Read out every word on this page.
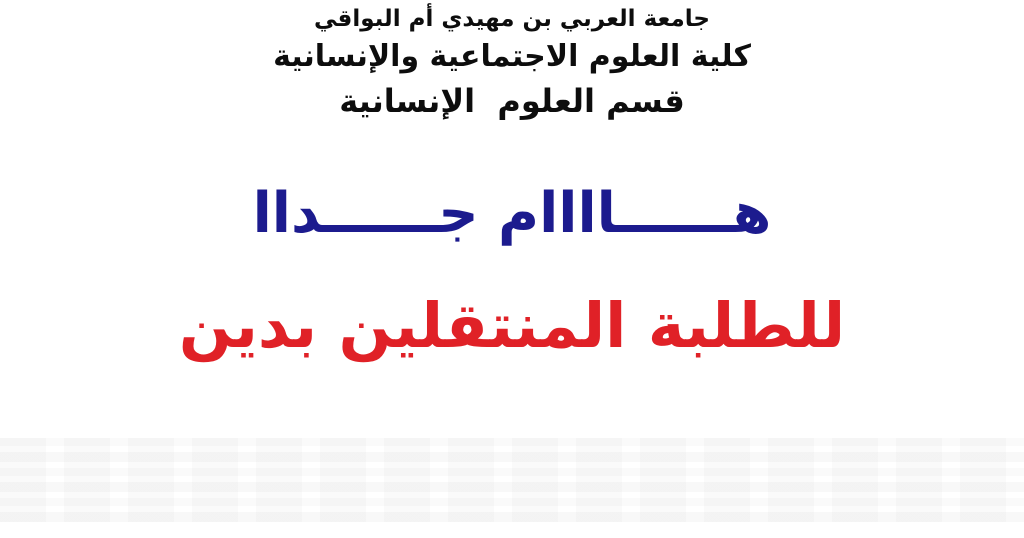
جامعة العربي بن مهيدي أم البواقي
كلية العلوم الاجتماعية والإنسانية
قسم العلوم  الإنسانية
هــــــاااام جــــــداا
للطلبة المنتقلين بدين
